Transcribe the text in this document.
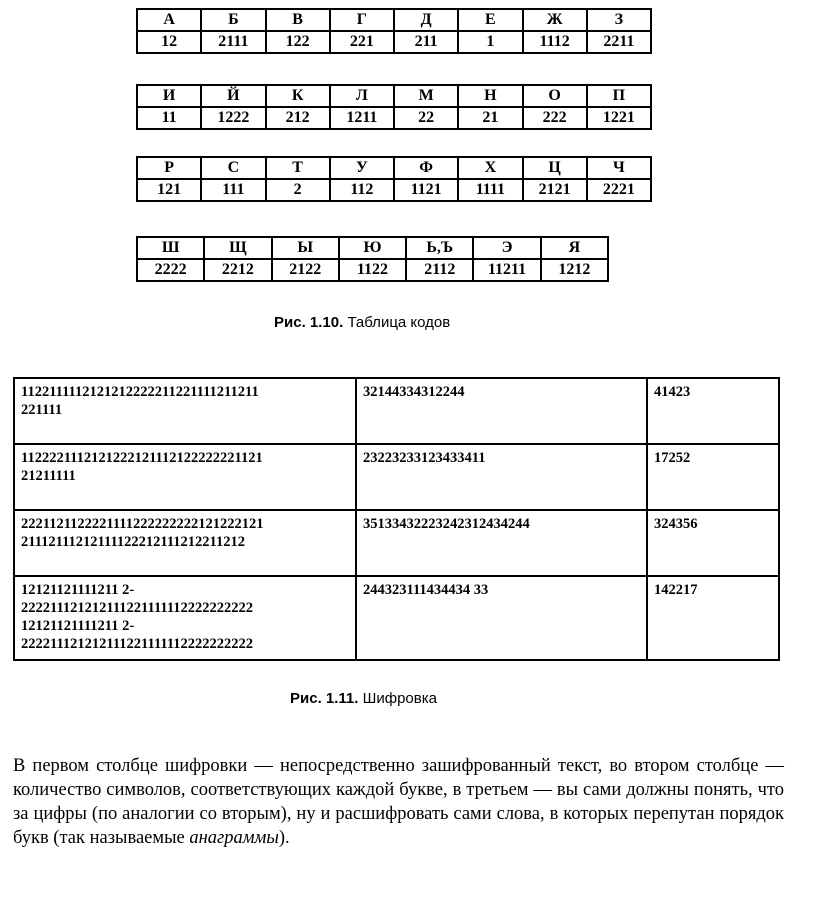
А	Б	В	Г	Д	Е	Ж	З
12	2111	122	221	211	1	1112	2211
И	Й	К	Л	М	Н	О	П
11	1222	212	1211	22	21	222	1221
Р	С	Т	У	Ф	Х	Ц	Ч
121	111	2	112	1121	1111	2121	2221
Ш	Щ	Ы	Ю	Ь,Ъ	Э	Я
2222	2212	2122	1122	2112	11211	1212
Рис. 1.10. Таблица кодов
1122111112121212222211221111211211
221111	32144334312244	41423

1122221112121222121112122222221121
21211111	2322323312343341​1	17252

2221121122221111222222222121222121
21112111212111122212111212211212	35133432223242312434244	324356

12121121111211 2-
222211121212111221111112222222222
12121121111211 2-
222211121212111221111112222222222	244323111434434 33	142217
Рис. 1.11. Шифровка

В первом столбце шифровки — непосредственно зашифрованный текст, во втором столбце — количество символов, соответствующих каждой букве, в третьем — вы сами должны понять, что за цифры (по аналогии со вторым), ну и расшифровать сами слова, в которых перепутан порядок букв (так называемые анаграммы).
